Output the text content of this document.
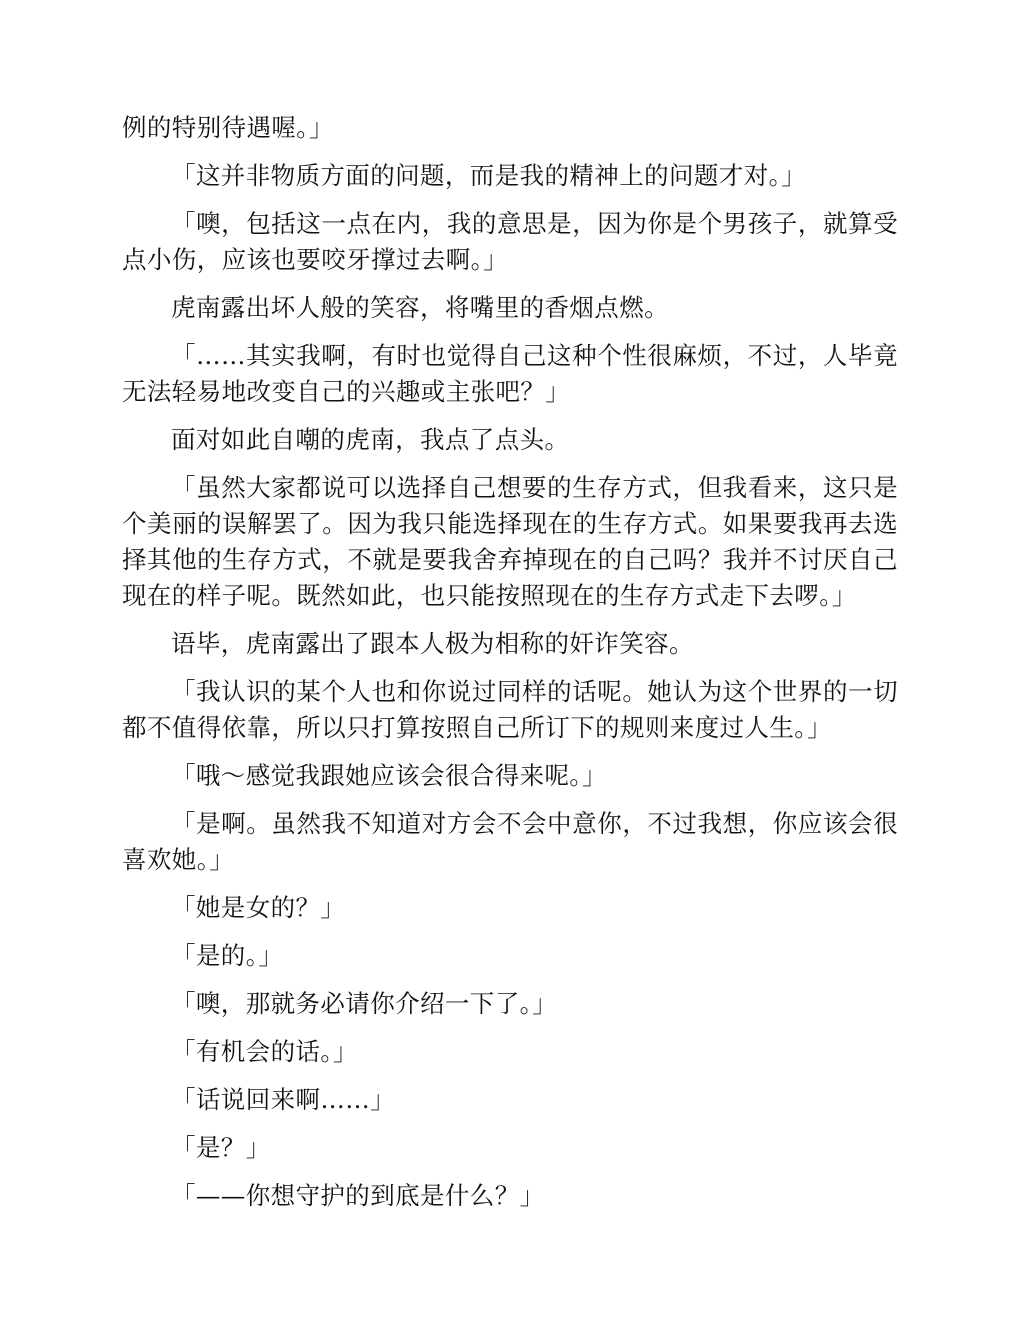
例的特别待遇喔。」

「这并非物质方面的问题，而是我的精神上的问题才对。」

「噢，包括这一点在内，我的意思是，因为你是个男孩子，就算受点小伤，应该也要咬牙撑过去啊。」

虎南露出坏人般的笑容，将嘴里的香烟点燃。

「……其实我啊，有时也觉得自己这种个性很麻烦，不过，人毕竟无法轻易地改变自己的兴趣或主张吧？」

面对如此自嘲的虎南，我点了点头。

「虽然大家都说可以选择自己想要的生存方式，但我看来，这只是个美丽的误解罢了。因为我只能选择现在的生存方式。如果要我再去选择其他的生存方式，不就是要我舍弃掉现在的自己吗？我并不讨厌自己现在的样子呢。既然如此，也只能按照现在的生存方式走下去啰。」

语毕，虎南露出了跟本人极为相称的奸诈笑容。

「我认识的某个人也和你说过同样的话呢。她认为这个世界的一切都不值得依靠，所以只打算按照自己所订下的规则来度过人生。」

「哦～感觉我跟她应该会很合得来呢。」

「是啊。虽然我不知道对方会不会中意你，不过我想，你应该会很喜欢她。」

「她是女的？」

「是的。」

「噢，那就务必请你介绍一下了。」

「有机会的话。」

「话说回来啊……」

「是？」

「——你想守护的到底是什么？」
